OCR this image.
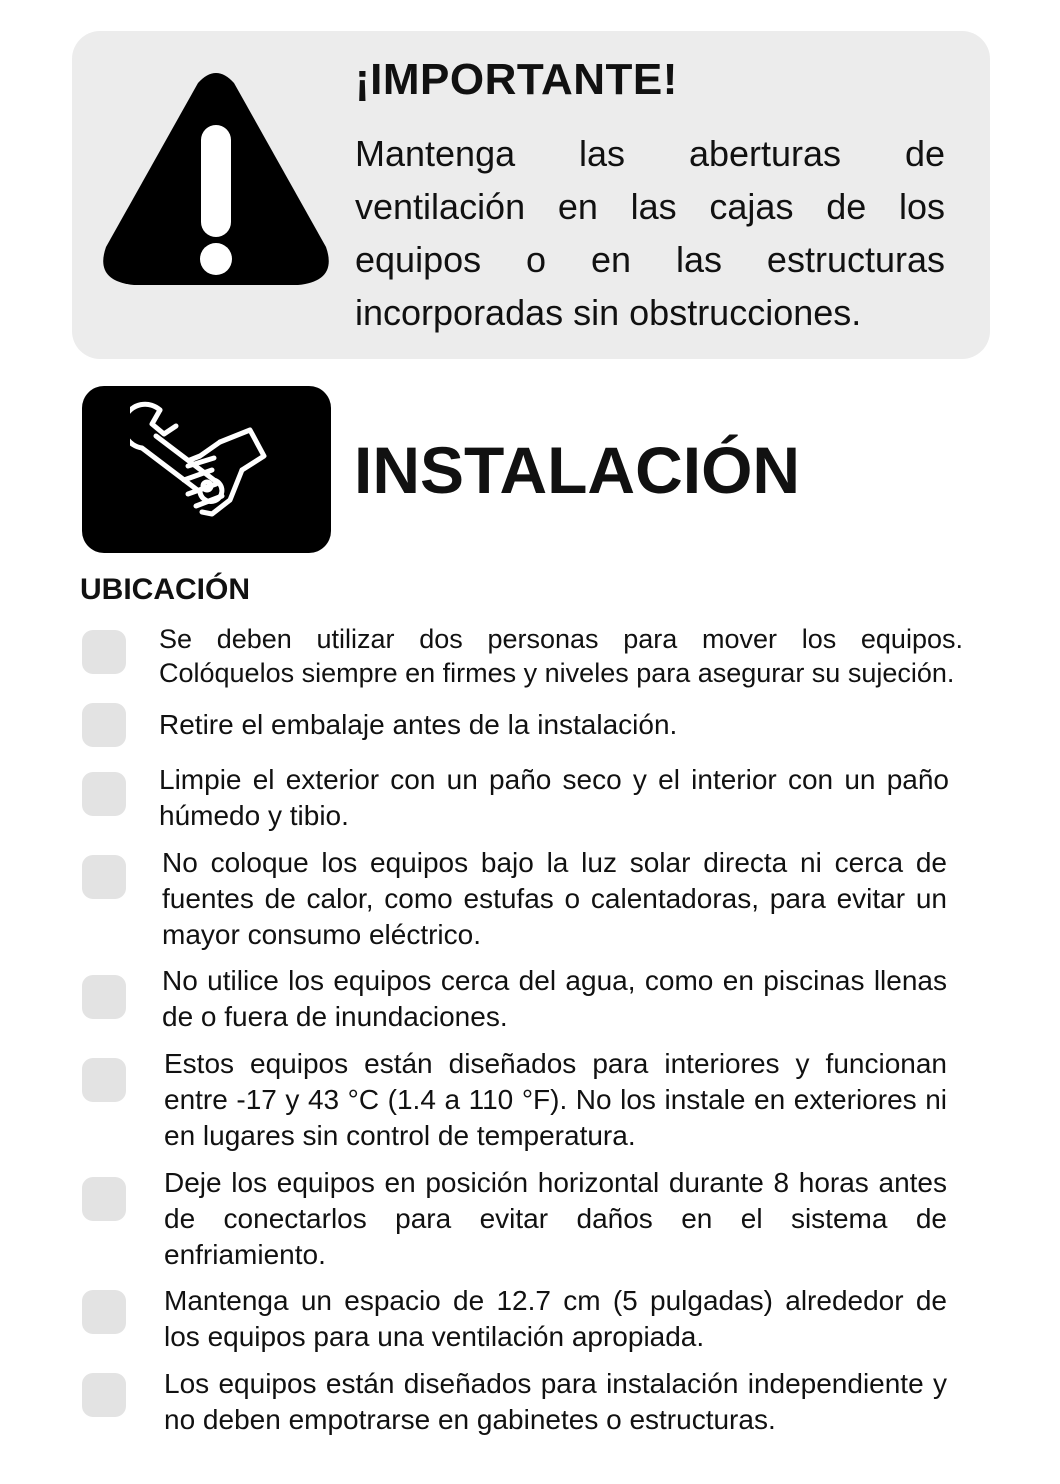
¡IMPORTANTE!
Mantenga las aberturas de ventilación en las cajas de los equipos o en las estructuras incorporadas sin obstrucciones.
INSTALACIÓN
UBICACIÓN
Se deben utilizar dos personas para mover los equipos. Colóquelos siempre en firmes y niveles para asegurar su sujeción.
Retire el embalaje antes de la instalación.
Limpie el exterior con un paño seco y el interior con un paño húmedo y tibio.
No coloque los equipos bajo la luz solar directa ni cerca de fuentes de calor, como estufas o calentadoras, para evitar un mayor consumo eléctrico.
No utilice los equipos cerca del agua, como en piscinas llenas de o fuera de inundaciones.
Estos equipos están diseñados para interiores y funcionan entre -17 y 43 °C (1.4 a 110 °F). No los instale en exteriores ni en lugares sin control de temperatura.
Deje los equipos en posición horizontal durante 8 horas antes de conectarlos para evitar daños en el sistema de enfriamiento.
Mantenga un espacio de 12.7 cm (5 pulgadas) alrededor de los equipos para una ventilación apropiada.
Los equipos están diseñados para instalación independiente y no deben empotrarse en gabinetes o estructuras.
